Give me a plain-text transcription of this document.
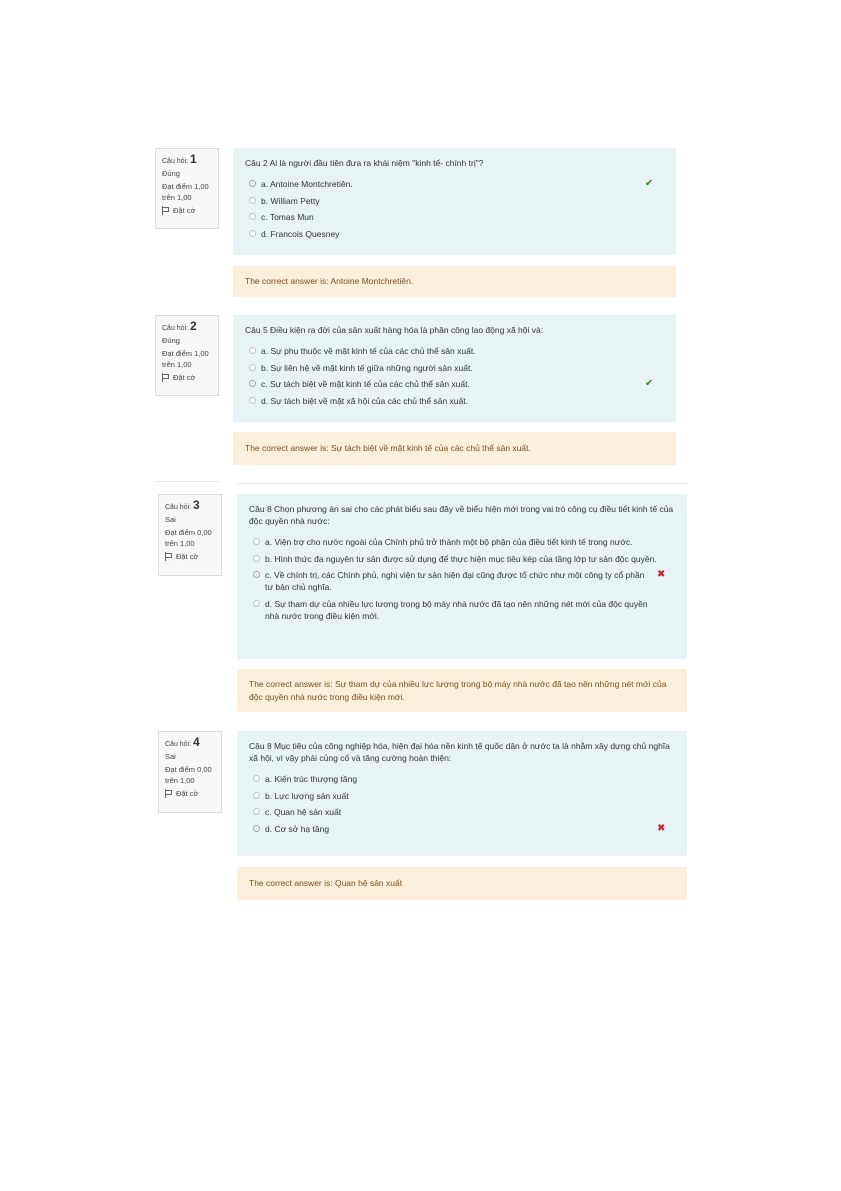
Câu hỏi: 1
Đúng
Đạt điểm 1,00
trên 1,00
Đặt cờ
Câu 2 Ai là người đầu tiên đưa ra khái niệm "kinh tế- chính trị"?
a. Antoine Montchretiên.	✔
b. William Petty
c. Tomas Mun
d. Francois Quesney
The correct answer is: Antoine Montchretiên.
Câu hỏi: 2
Đúng
Đạt điểm 1,00
trên 1,00
Đặt cờ
Câu 5 Điều kiện ra đời của sản xuất hàng hóa là phân công lao động xã hội và:
a. Sự phụ thuộc về mặt kinh tế của các chủ thể sản xuất.
b. Sự liên hệ về mặt kinh tế giữa những người sản xuất.
c. Sự tách biệt về mặt kinh tế của các chủ thể sản xuất.	✔
d. Sự tách biệt về mặt xã hội của các chủ thể sản xuất.
The correct answer is: Sự tách biệt về mặt kinh tế của các chủ thể sản xuất.
Câu hỏi: 3
Sai
Đạt điểm 0,00
trên 1,00
Đặt cờ
Câu 8 Chọn phương án sai cho các phát biểu sau đây về biểu hiện mới trong vai trò công cụ điều tiết kinh tế của độc quyền nhà nước:
a. Viện trợ cho nước ngoài của Chính phủ trở thành một bộ phận của điều tiết kinh tế trong nước.
b. Hình thức đa nguyên tư sản được sử dụng để thực hiện mục tiêu kép của tầng lớp tư sản độc quyền.
c. Về chính trị, các Chính phủ, nghị viện tư sản hiện đại cũng được tổ chức như một công ty cổ phần tư bản chủ nghĩa.
✖
d. Sự tham dự của nhiều lực lượng trong bộ máy nhà nước đã tạo nên những nét mới của độc quyền nhà nước trong điều kiện mới.
The correct answer is: Sự tham dự của nhiều lực lượng trong bộ máy nhà nước đã tạo nên những nét mới của độc quyền nhà nước trong điều kiện mới.
Câu hỏi: 4
Sai
Đạt điểm 0,00
trên 1,00
Đặt cờ
Câu 8 Mục tiêu của công nghiệp hóa, hiện đại hóa nền kinh tế quốc dân ở nước ta là nhằm xây dựng chủ nghĩa xã hội, vì vậy phải củng cố và tăng cường hoàn thiện:
a. Kiến trúc thượng tầng
b. Lực lượng sản xuất
c. Quan hệ sản xuất
d. Cơ sở hạ tầng	✖
The correct answer is: Quan hệ sản xuất
